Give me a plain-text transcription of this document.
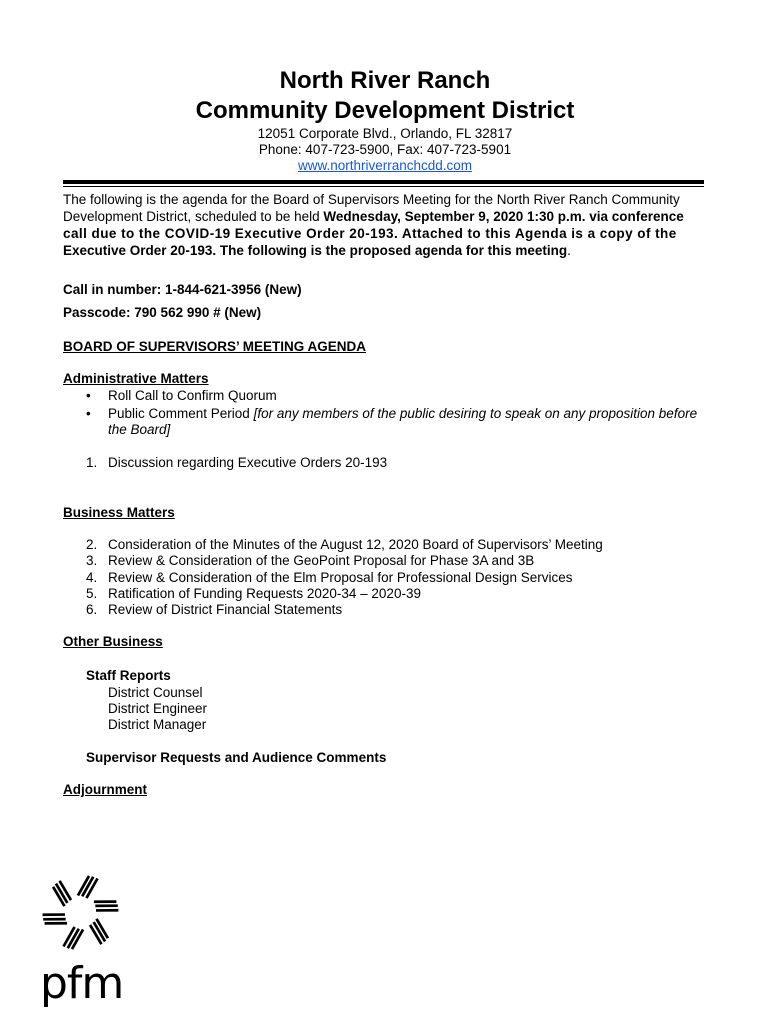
North River Ranch
Community Development District
12051 Corporate Blvd., Orlando, FL 32817
Phone: 407-723-5900, Fax: 407-723-5901
www.northriverranchcdd.com
The following is the agenda for the Board of Supervisors Meeting for the North River Ranch Community
Development District, scheduled to be held Wednesday, September 9, 2020 1:30 p.m. via conference
call due to the COVID-19 Executive Order 20-193. Attached to this Agenda is a copy of the
Executive Order 20-193. The following is the proposed agenda for this meeting.
Call in number: 1-844-621-3956 (New)
Passcode: 790 562 990 # (New)
BOARD OF SUPERVISORS’ MEETING AGENDA
Administrative Matters
• Roll Call to Confirm Quorum
• Public Comment Period [for any members of the public desiring to speak on any proposition before
the Board]
1. Discussion regarding Executive Orders 20-193
Business Matters
2. Consideration of the Minutes of the August 12, 2020 Board of Supervisors’ Meeting
3. Review & Consideration of the GeoPoint Proposal for Phase 3A and 3B
4. Review & Consideration of the Elm Proposal for Professional Design Services
5. Ratification of Funding Requests 2020-34 – 2020-39
6. Review of District Financial Statements
Other Business
Staff Reports
District Counsel
District Engineer
District Manager
Supervisor Requests and Audience Comments
Adjournment
pfm
